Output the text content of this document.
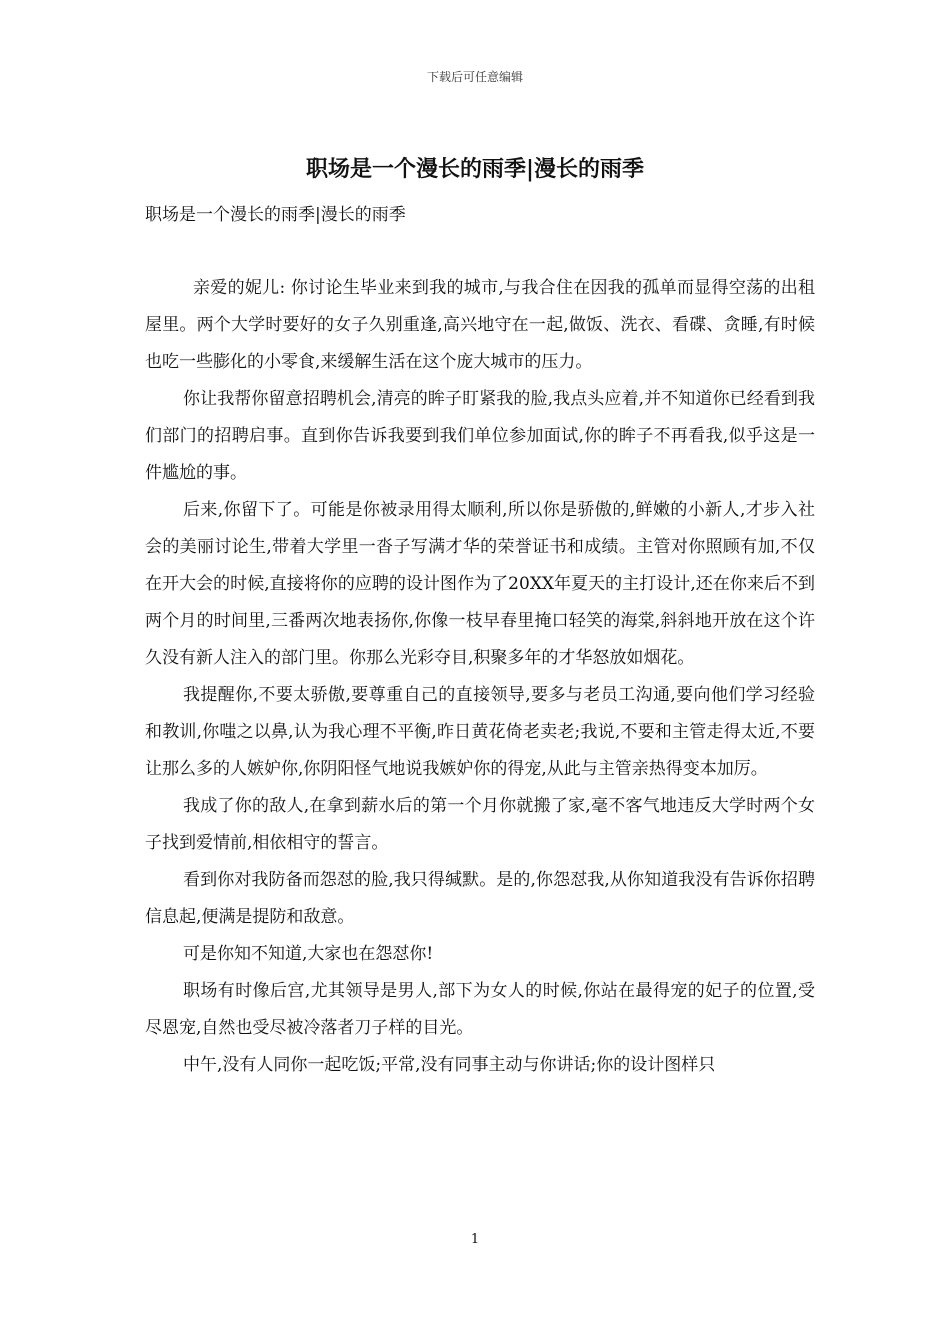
下载后可任意编辑
职场是一个漫长的雨季|漫长的雨季

职场是一个漫长的雨季|漫长的雨季

亲爱的妮儿: 你讨论生毕业来到我的城市,与我合住在因我的孤单而显得空荡的出租屋里。两个大学时要好的女子久别重逢,高兴地守在一起,做饭、洗衣、看碟、贪睡,有时候也吃一些膨化的小零食,来缓解生活在这个庞大城市的压力。

你让我帮你留意招聘机会,清亮的眸子盯紧我的脸,我点头应着,并不知道你已经看到我们部门的招聘启事。直到你告诉我要到我们单位参加面试,你的眸子不再看我,似乎这是一件尴尬的事。

后来,你留下了。可能是你被录用得太顺利,所以你是骄傲的,鲜嫩的小新人,才步入社会的美丽讨论生,带着大学里一沓子写满才华的荣誉证书和成绩。主管对你照顾有加,不仅在开大会的时候,直接将你的应聘的设计图作为了20XX年夏天的主打设计,还在你来后不到两个月的时间里,三番两次地表扬你,你像一枝早春里掩口轻笑的海棠,斜斜地开放在这个许久没有新人注入的部门里。你那么光彩夺目,积聚多年的才华怒放如烟花。

我提醒你,不要太骄傲,要尊重自己的直接领导,要多与老员工沟通,要向他们学习经验和教训,你嗤之以鼻,认为我心理不平衡,昨日黄花倚老卖老;我说,不要和主管走得太近,不要让那么多的人嫉妒你,你阴阳怪气地说我嫉妒你的得宠,从此与主管亲热得变本加厉。

我成了你的敌人,在拿到薪水后的第一个月你就搬了家,毫不客气地违反大学时两个女子找到爱情前,相依相守的誓言。

看到你对我防备而怨怼的脸,我只得缄默。是的,你怨怼我,从你知道我没有告诉你招聘信息起,便满是提防和敌意。

可是你知不知道,大家也在怨怼你!

职场有时像后宫,尤其领导是男人,部下为女人的时候,你站在最得宠的妃子的位置,受尽恩宠,自然也受尽被冷落者刀子样的目光。

中午,没有人同你一起吃饭;平常,没有同事主动与你讲话;你的设计图样只

1
